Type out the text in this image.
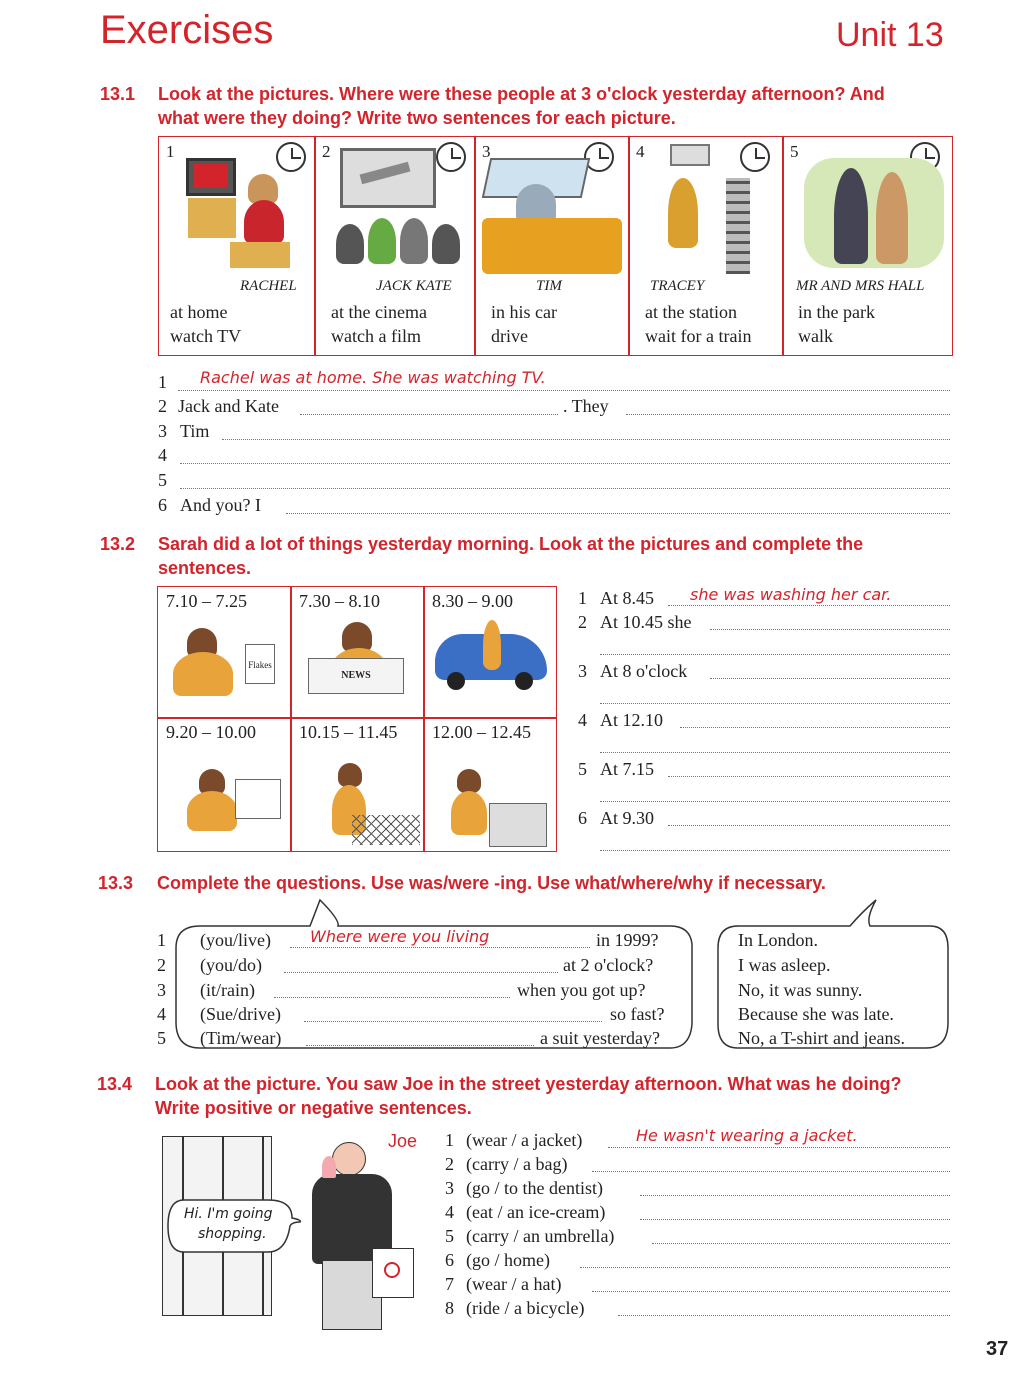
Exercises	Unit 13
13.1 Look at the pictures. Where were these people at 3 o'clock yesterday afternoon? And
what were they doing? Write two sentences for each picture.
1
RACHEL
2
JACK KATE
3
TIM
4
TRACEY
5
MR AND MRS HALL
at home
watch TV
at the cinema
watch a film
in his car
drive
at the station
wait for a train
in the park
walk
1 Rachel was at home. She was watching TV.
2 Jack and Kate	. They
3 Tim
4
5
6 And you? I
13.2 Sarah did a lot of things yesterday morning. Look at the pictures and complete the
sentences.
7.10 – 7.25
Flakes
7.30 – 8.10
NEWS
8.30 – 9.00
9.20 – 10.00 10.15 – 11.45 12.00 – 12.45
1 At 8.45 she was washing her car.
2 At 10.45 she
3 At 8 o'clock
4 At 12.10
5 At 7.15
6 At 9.30
13.3 Complete the questions. Use was/were -ing. Use what/where/why if necessary.
1 (you/live) Where were you living	in 1999?	In London.
2 (you/do)	at 2 o'clock?	I was asleep.
3 (it/rain)	when you got up?	No, it was sunny.
4 (Sue/drive)	so fast?	Because she was late.
5 (Tim/wear)	a suit yesterday?	No, a T-shirt and jeans.
13.4 Look at the picture. You saw Joe in the street yesterday afternoon. What was he doing?
Write positive or negative sentences.
Joe
Hi. I'm going
shopping.
1 (wear / a jacket)	He wasn't wearing a jacket.
2 (carry / a bag)
3 (go / to the dentist)
4 (eat / an ice-cream)
5 (carry / an umbrella)
6 (go / home)
7 (wear / a hat)
8 (ride / a bicycle)
37
